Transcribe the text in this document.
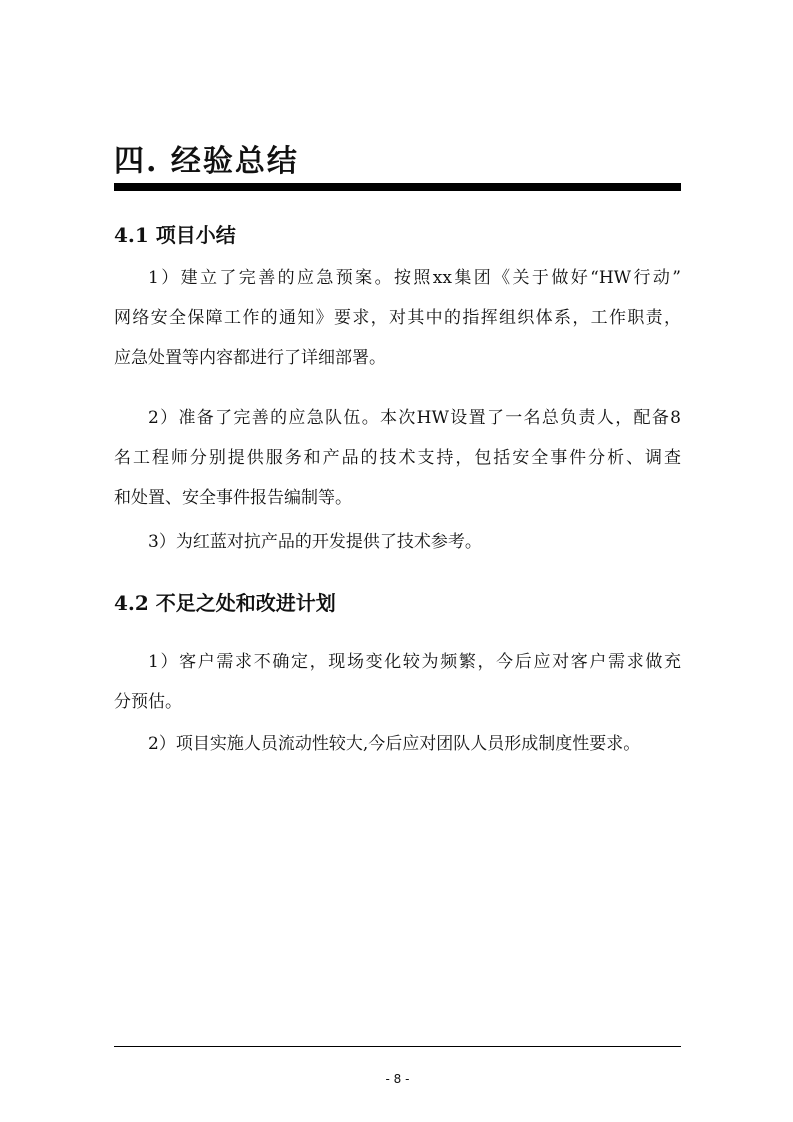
四. 经验总结
4.1 项目小结
1）建立了完善的应急预案。按照xx集团《关于做好“HW行动”
网络安全保障工作的通知》要求，对其中的指挥组织体系，工作职责，
应急处置等内容都进行了详细部署。
2）准备了完善的应急队伍。本次HW设置了一名总负责人，配备8
名工程师分别提供服务和产品的技术支持，包括安全事件分析、调查
和处置、安全事件报告编制等。
3）为红蓝对抗产品的开发提供了技术参考。
4.2 不足之处和改进计划
1）客户需求不确定，现场变化较为频繁，今后应对客户需求做充
分预估。
2）项目实施人员流动性较大,今后应对团队人员形成制度性要求。
- 8 -
